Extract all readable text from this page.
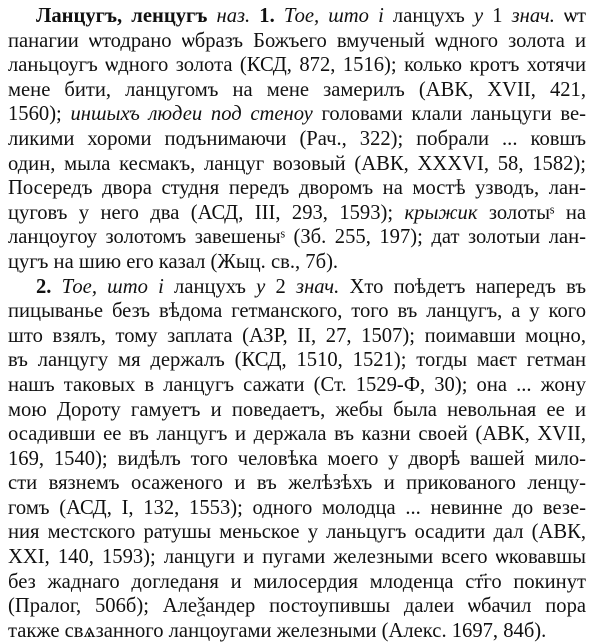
Ланцугъ, ленцугъ наз. 1. Тое, што і ланцухъ у 1 знач. ѡт
панагии ѡтодрано ѡбразъ Божъего вмученый ѡдного золота и
ланьцоугъ ѡдного золота (КСД, 872, 1516); колько кротъ хотячи
мене бити, ланцугомъ на мене замерилъ (АВК, XVII, 421,
1560); иншыхъ людеи под стеноу головами клали ланьцуги ве-
ликими хороми подънимаючи (Рач., 322); побрали ... ковшъ
один, мыла кесмакъ, ланцуг возовый (АВК, XXXVI, 58, 1582);
Посередъ двора студня передъ дворомъ на мостѣ узводъ, лан-
цуговъ у него два (АСД, III, 293, 1593); крыжик золотыˢ на
ланцоугоу золотомъ завешеныˢ (Зб. 255, 197); дат золотыи лан-
цугъ на шию его казал (Жыц. св., 7б).

2. Тое, што і ланцухъ у 2 знач. Хто поѣдетъ напередъ въ
пицыванье безъ вѣдома гетманского, того въ ланцугъ, а у кого
што взялъ, тому заплата (АЗР, II, 27, 1507); поимавши моцно,
въ ланцугу мя держалъ (КСД, 1510, 1521); тогды маєт гетман
нашъ таковых в ланцугъ сажати (Ст. 1529-Ф, 30); она ... жону
мою Дороту гамуетъ и поведаетъ, жебы была невольная ее и
осадивши ее въ ланцугъ и держала въ казни своей (АВК, XVII,
169, 1540); видѣлъ того человѣка моего у дворѣ вашей мило-
сти вязнемъ осаженого и въ желѣзѣхъ и прикованого ленцу-
гомъ (АСД, I, 132, 1553); одного молодца ... невинне до везе-
ния местского ратушы меньское у ланьцугъ осадити дал (АВК,
XXI, 140, 1593); ланцуги и пугами железными всего ѡковавшы
без жаднаго догледаня и милосердия млоденца ст҃го покинут
(Пралог, 506б); Алеѯандер постоупившы далеи ѡбачил пора
также свѧзанного ланцоугами железными (Алекс. 1697, 84б).
